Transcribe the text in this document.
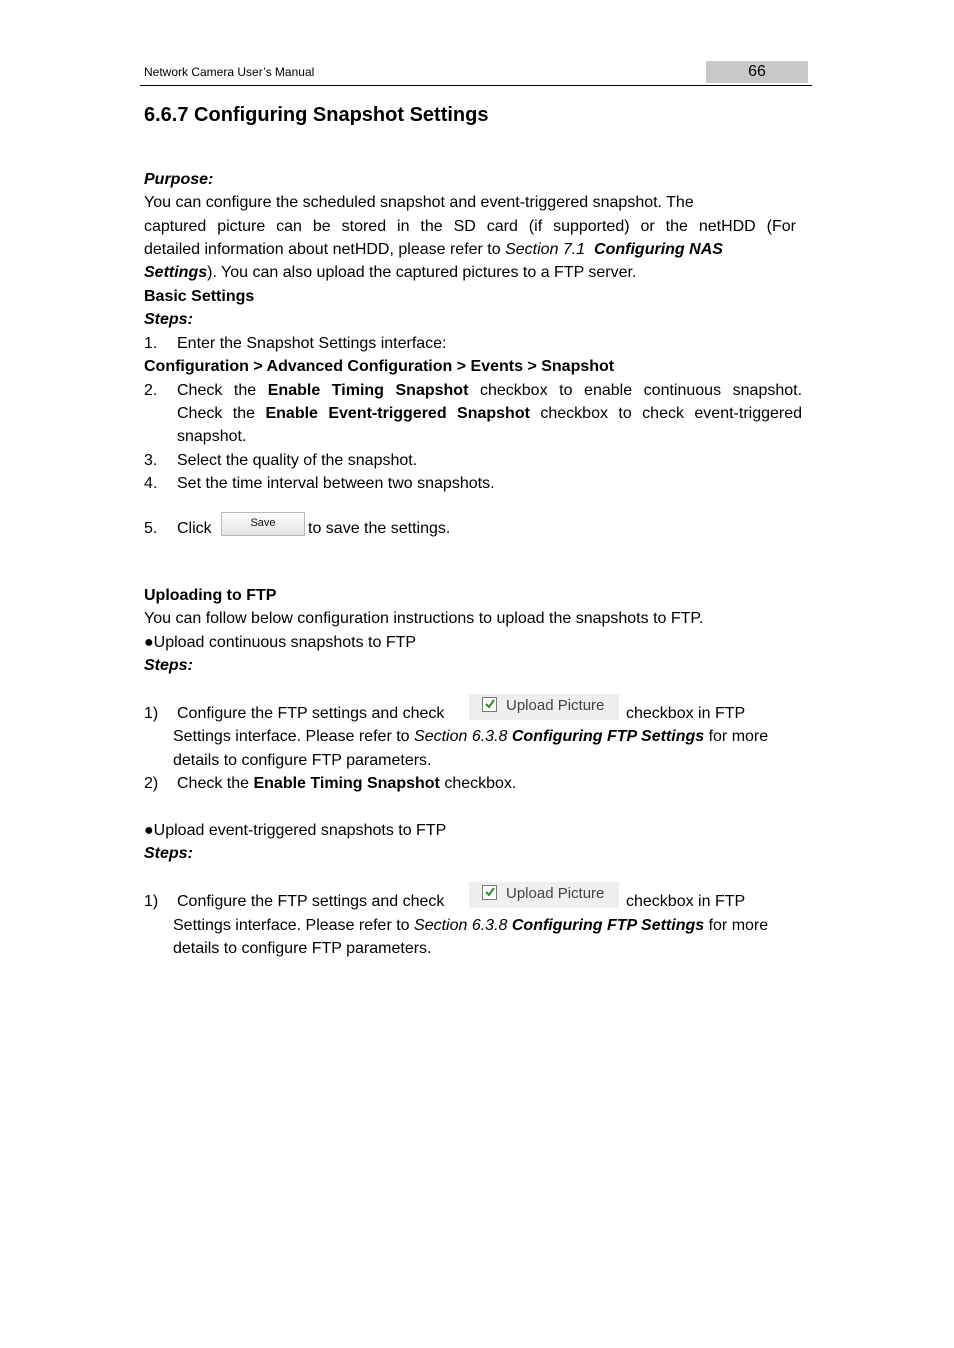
Network Camera User’s Manual	66
6.6.7 Configuring Snapshot Settings
Purpose:
You can configure the scheduled snapshot and event-triggered snapshot. The
captured picture can be stored in the SD card (if supported) or the netHDD (For
detailed information about netHDD, please refer to Section 7.1 Configuring NAS
Settings). You can also upload the captured pictures to a FTP server.
Basic Settings
Steps:
1. Enter the Snapshot Settings interface:
Configuration > Advanced Configuration > Events > Snapshot
2. Check the Enable Timing Snapshot checkbox to enable continuous snapshot.
Check the Enable Event-triggered Snapshot checkbox to check event-triggered
snapshot.
3. Select the quality of the snapshot.
4. Set the time interval between two snapshots.
5. Click	Save	to save the settings.
Uploading to FTP
You can follow below configuration instructions to upload the snapshots to FTP.
●Upload continuous snapshots to FTP
Steps:
1) Configure the FTP settings and check	Upload Picture checkbox in FTP
Settings interface. Please refer to Section 6.3.8 Configuring FTP Settings for more
details to configure FTP parameters.
2) Check the Enable Timing Snapshot checkbox.
●Upload event-triggered snapshots to FTP
Steps:
1) Configure the FTP settings and check	Upload Picture checkbox in FTP
Settings interface. Please refer to Section 6.3.8 Configuring FTP Settings for more
details to configure FTP parameters.
